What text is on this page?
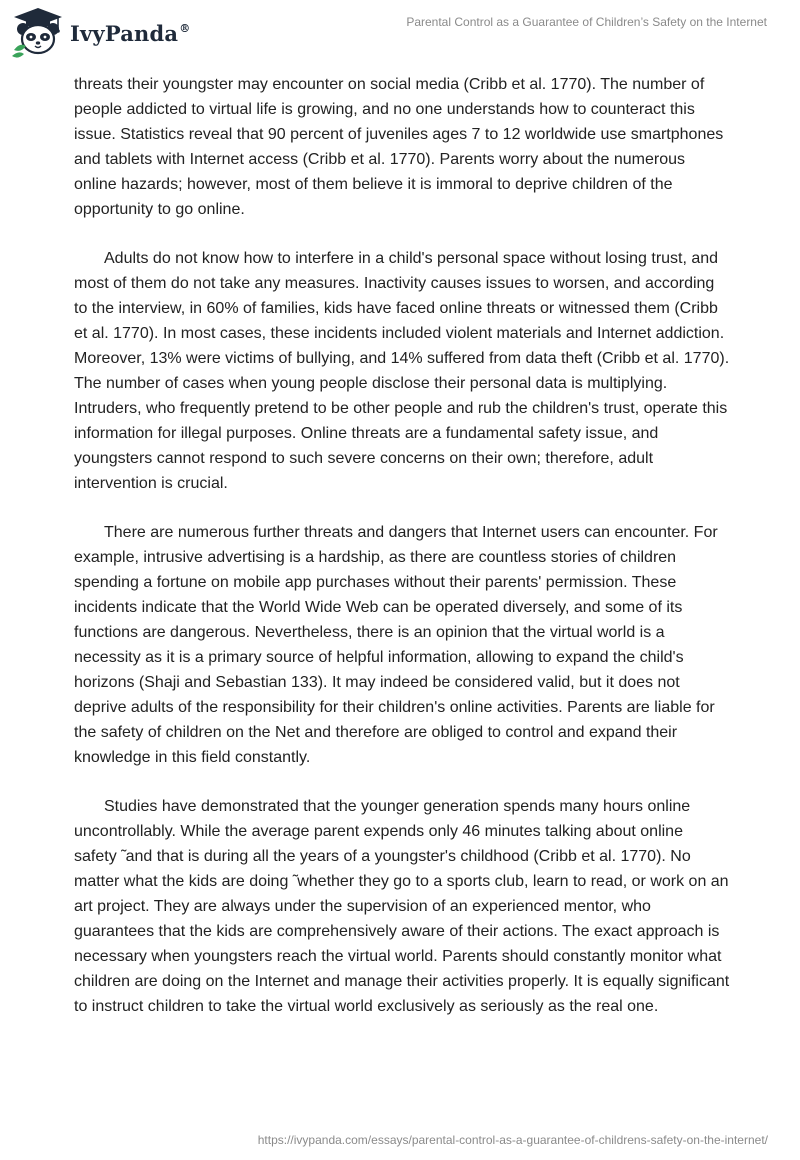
IvyPanda®	Parental Control as a Guarantee of Children’s Safety on the Internet

threats their youngster may encounter on social media (Cribb et al. 1770). The number of people addicted to virtual life is growing, and no one understands how to counteract this issue. Statistics reveal that 90 percent of juveniles ages 7 to 12 worldwide use smartphones and tablets with Internet access (Cribb et al. 1770). Parents worry about the numerous online hazards; however, most of them believe it is immoral to deprive children of the opportunity to go online.

Adults do not know how to interfere in a child's personal space without losing trust, and most of them do not take any measures. Inactivity causes issues to worsen, and according to the interview, in 60% of families, kids have faced online threats or witnessed them (Cribb et al. 1770). In most cases, these incidents included violent materials and Internet addiction. Moreover, 13% were victims of bullying, and 14% suffered from data theft (Cribb et al. 1770). The number of cases when young people disclose their personal data is multiplying. Intruders, who frequently pretend to be other people and rub the children's trust, operate this information for illegal purposes. Online threats are a fundamental safety issue, and youngsters cannot respond to such severe concerns on their own; therefore, adult intervention is crucial.

There are numerous further threats and dangers that Internet users can encounter. For example, intrusive advertising is a hardship, as there are countless stories of children spending a fortune on mobile app purchases without their parents' permission. These incidents indicate that the World Wide Web can be operated diversely, and some of its functions are dangerous. Nevertheless, there is an opinion that the virtual world is a necessity as it is a primary source of helpful information, allowing to expand the child's horizons (Shaji and Sebastian 133). It may indeed be considered valid, but it does not deprive adults of the responsibility for their children's online activities. Parents are liable for the safety of children on the Net and therefore are obliged to control and expand their knowledge in this field constantly.

Studies have demonstrated that the younger generation spends many hours online uncontrollably. While the average parent expends only 46 minutes talking about online safety ̃ and that is during all the years of a youngster's childhood (Cribb et al. 1770). No matter what the kids are doing ̃ whether they go to a sports club, learn to read, or work on an art project. They are always under the supervision of an experienced mentor, who guarantees that the kids are comprehensively aware of their actions. The exact approach is necessary when youngsters reach the virtual world. Parents should constantly monitor what children are doing on the Internet and manage their activities properly. It is equally significant to instruct children to take the virtual world exclusively as seriously as the real one.

https://ivypanda.com/essays/parental-control-as-a-guarantee-of-childrens-safety-on-the-internet/
